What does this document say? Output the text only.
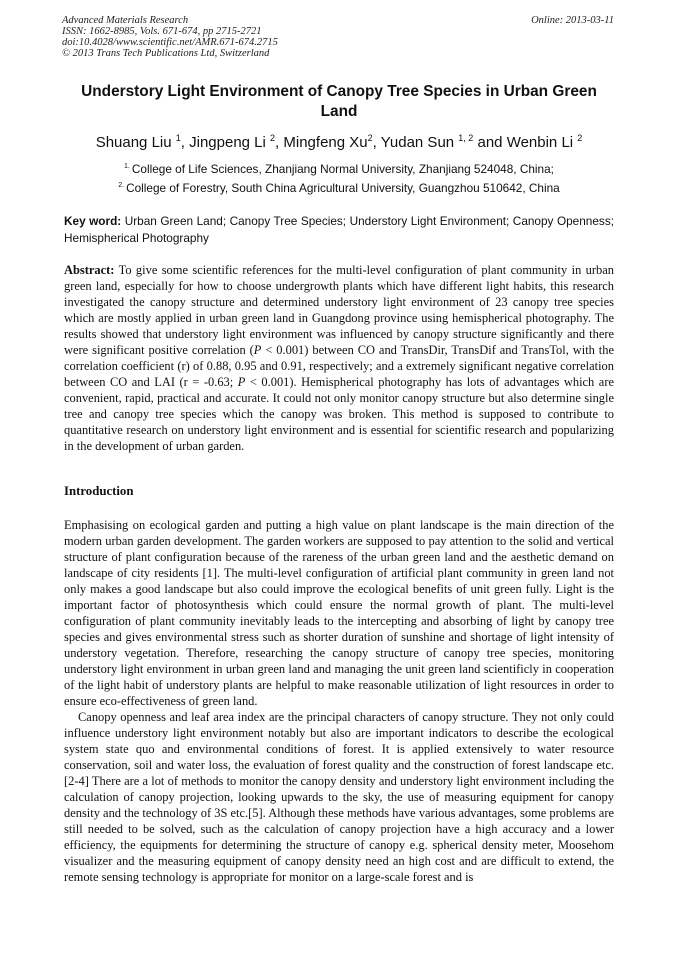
Advanced Materials Research
ISSN: 1662-8985, Vols. 671-674, pp 2715-2721
doi:10.4028/www.scientific.net/AMR.671-674.2715
© 2013 Trans Tech Publications Ltd, Switzerland
Online: 2013-03-11
Understory Light Environment of Canopy Tree Species in Urban Green Land
Shuang Liu $^1$, Jingpeng Li $^2$, Mingfeng Xu$^2$, Yudan Sun $^{1, 2}$ and Wenbin Li $^2$
$^{1.}$ College of Life Sciences, Zhanjiang Normal University, Zhanjiang 524048, China;
$^{2.}$ College of Forestry, South China Agricultural University, Guangzhou 510642, China

Key word: Urban Green Land; Canopy Tree Species; Understory Light Environment; Canopy Openness; Hemispherical Photography

Abstract: To give some scientific references for the multi-level configuration of plant community in urban green land, especially for how to choose undergrowth plants which have different light habits, this research investigated the canopy structure and determined understory light environment of 23 canopy tree species which are mostly applied in urban green land in Guangdong province using hemispherical photography. The results showed that understory light environment was influenced by canopy structure significantly and there were significant positive correlation (P < 0.001) between CO and TransDir, TransDif and TransTol, with the correlation coefficient (r) of 0.88, 0.95 and 0.91, respectively; and a extremely significant negative correlation between CO and LAI (r = -0.63; P < 0.001). Hemispherical photography has lots of advantages which are convenient, rapid, practical and accurate. It could not only monitor canopy structure but also determine single tree and canopy tree species which the canopy was broken. This method is supposed to contribute to quantitative research on understory light environment and is essential for scientific research and popularizing in the development of urban garden.

Introduction

Emphasising on ecological garden and putting a high value on plant landscape is the main direction of the modern urban garden development. The garden workers are supposed to pay attention to the solid and vertical structure of plant configuration because of the rareness of the urban green land and the aesthetic demand on landscape of city residents [1]. The multi-level configuration of artificial plant community in green land not only makes a good landscape but also could improve the ecological benefits of unit green fully. Light is the important factor of photosynthesis which could ensure the normal growth of plant. The multi-level configuration of plant community inevitably leads to the intercepting and absorbing of light by canopy tree species and gives environmental stress such as shorter duration of sunshine and shortage of light intensity of understory vegetation. Therefore, researching the canopy structure of canopy tree species, monitoring understory light environment in urban green land and managing the unit green land scientificly in cooperation of the light habit of understory plants are helpful to make reasonable utilization of light resources in order to ensure eco-effectiveness of green land.

Canopy openness and leaf area index are the principal characters of canopy structure. They not only could influence understory light environment notably but also are important indicators to describe the ecological system state quo and environmental conditions of forest. It is applied extensively to water resource conservation, soil and water loss, the evaluation of forest quality and the construction of forest landscape etc.[2-4] There are a lot of methods to monitor the canopy density and understory light environment including the calculation of canopy projection, looking upwards to the sky, the use of measuring equipment for canopy density and the technology of 3S etc.[5]. Although these methods have various advantages, some problems are still needed to be solved, such as the calculation of canopy projection have a high accuracy and a lower efficiency, the equipments for determining the structure of canopy e.g. spherical density meter, Moosehom visualizer and the measuring equipment of canopy density need an high cost and are difficult to extend, the remote sensing technology is appropriate for monitor on a large-scale forest and is
